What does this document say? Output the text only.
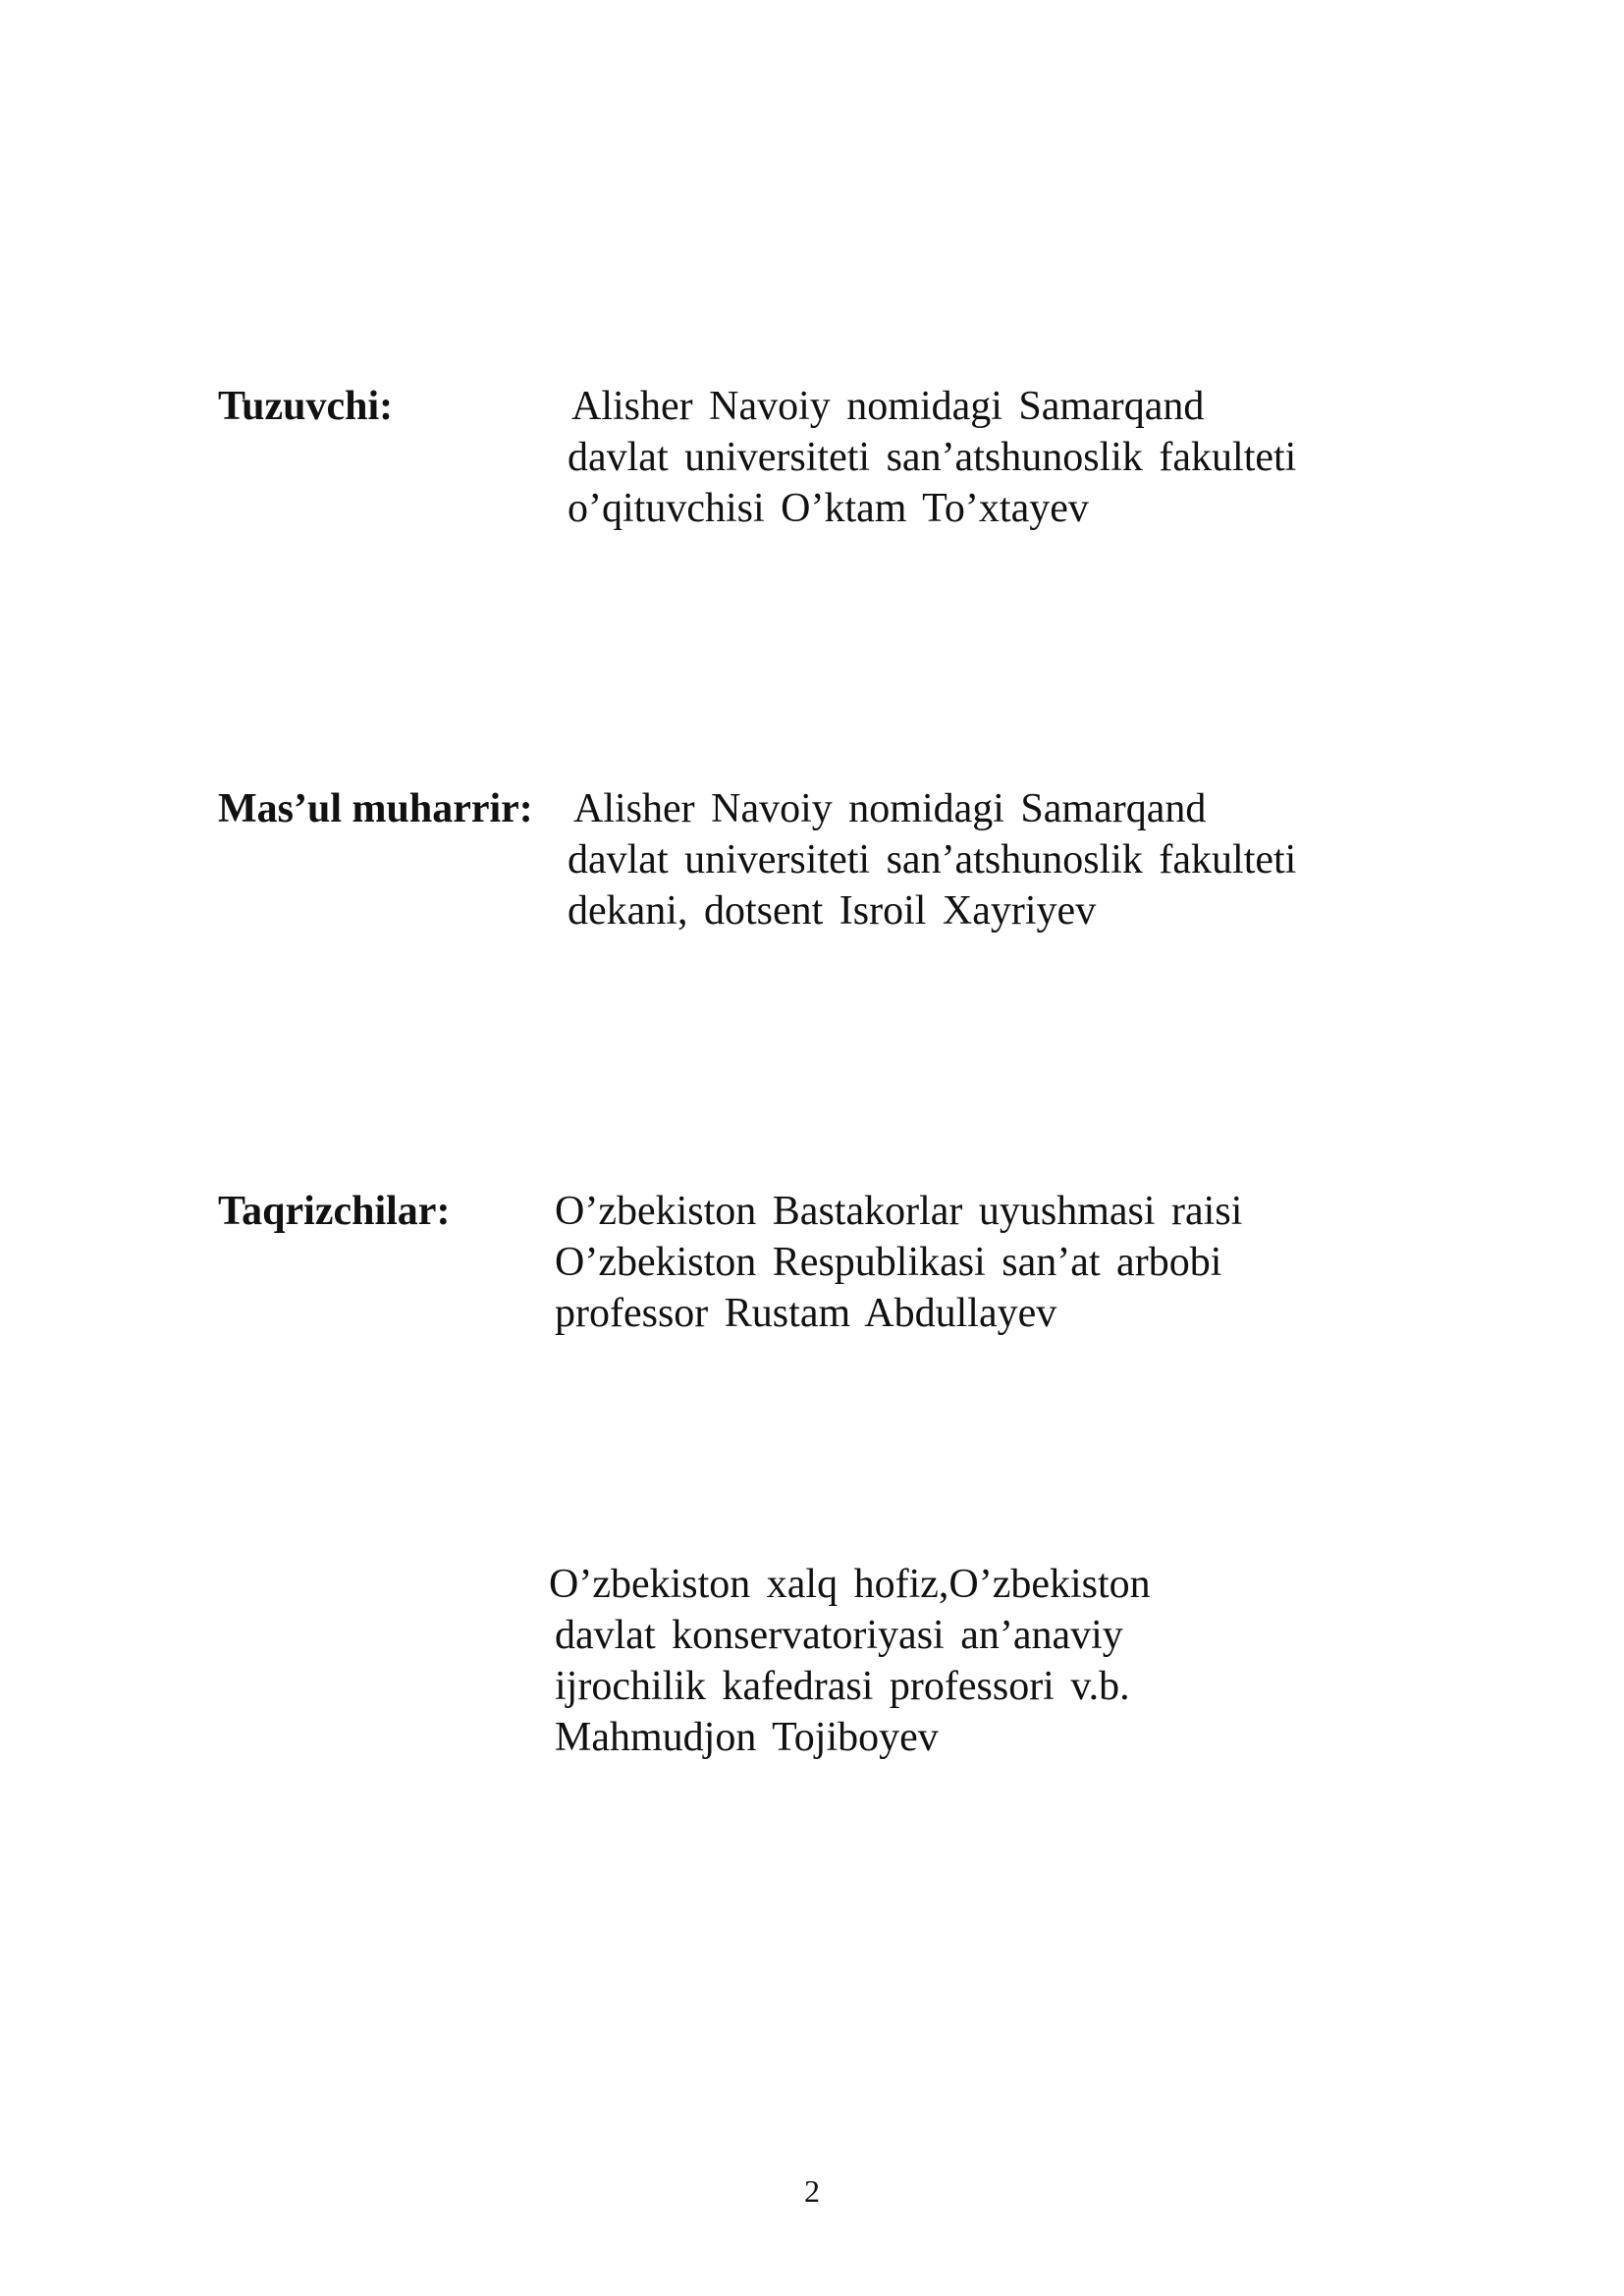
Tuzuvchi:	Alisher Navoiy nomidagi Samarqand
davlat universiteti san’atshunoslik fakulteti
o’qituvchisi O’ktam To’xtayev
Mas’ul muharrir: Alisher Navoiy nomidagi Samarqand
davlat universiteti san’atshunoslik fakulteti
dekani, dotsent Isroil Xayriyev
Taqrizchilar:	O’zbekiston Bastakorlar uyushmasi raisi
O’zbekiston Respublikasi san’at arbobi
professor Rustam Abdullayev
O’zbekiston xalq hofiz,O’zbekiston
davlat konservatoriyasi an’anaviy
ijrochilik kafedrasi professori v.b.
Mahmudjon Tojiboyev
2
